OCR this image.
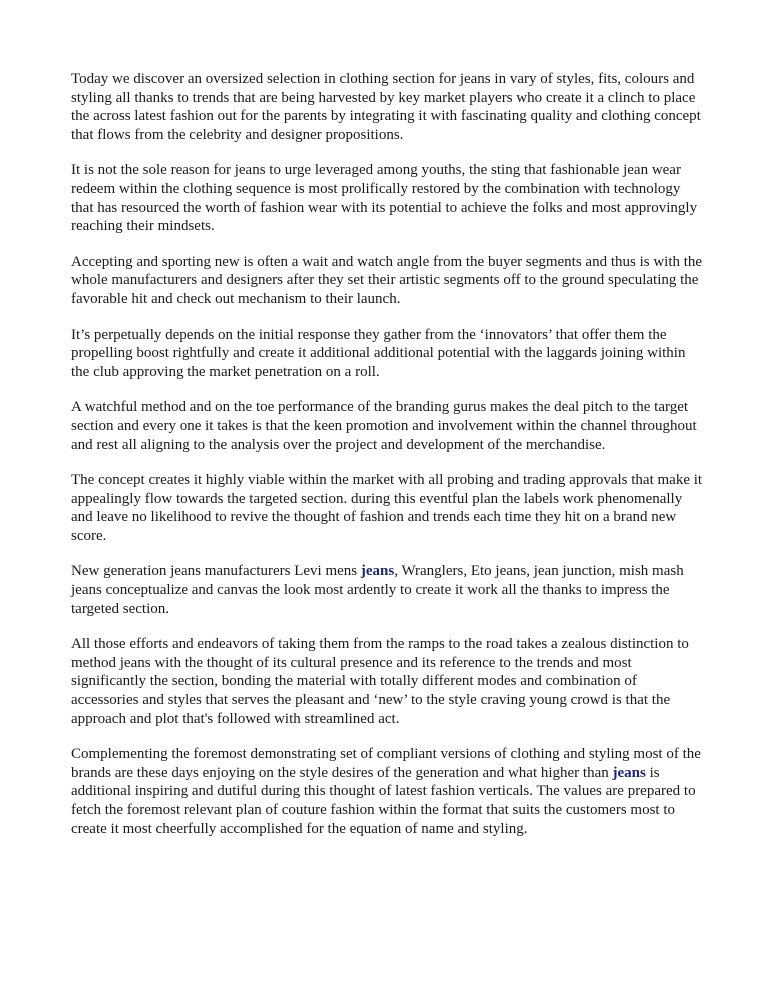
Today we discover an oversized selection in clothing section for jeans in vary of styles, fits, colours and styling all thanks to trends that are being harvested by key market players who create it a clinch to place the across latest fashion out for the parents by integrating it with fascinating quality and clothing concept that flows from the celebrity and designer propositions.

It is not the sole reason for jeans to urge leveraged among youths, the sting that fashionable jean wear redeem within the clothing sequence is most prolifically restored by the combination with technology that has resourced the worth of fashion wear with its potential to achieve the folks and most approvingly reaching their mindsets.

Accepting and sporting new is often a wait and watch angle from the buyer segments and thus is with the whole manufacturers and designers after they set their artistic segments off to the ground speculating the favorable hit and check out mechanism to their launch.

It’s perpetually depends on the initial response they gather from the ‘innovators’ that offer them the propelling boost rightfully and create it additional additional potential with the laggards joining within the club approving the market penetration on a roll.

A watchful method and on the toe performance of the branding gurus makes the deal pitch to the target section and every one it takes is that the keen promotion and involvement within the channel throughout and rest all aligning to the analysis over the project and development of the merchandise.

The concept creates it highly viable within the market with all probing and trading approvals that make it appealingly flow towards the targeted section. during this eventful plan the labels work phenomenally and leave no likelihood to revive the thought of fashion and trends each time they hit on a brand new score.

New generation jeans manufacturers Levi mens jeans, Wranglers, Eto jeans, jean junction, mish mash jeans conceptualize and canvas the look most ardently to create it work all the thanks to impress the targeted section.

All those efforts and endeavors of taking them from the ramps to the road takes a zealous distinction to method jeans with the thought of its cultural presence and its reference to the trends and most significantly the section, bonding the material with totally different modes and combination of accessories and styles that serves the pleasant and ‘new’ to the style craving young crowd is that the approach and plot that's followed with streamlined act.

Complementing the foremost demonstrating set of compliant versions of clothing and styling most of the brands are these days enjoying on the style desires of the generation and what higher than jeans is additional inspiring and dutiful during this thought of latest fashion verticals. The values are prepared to fetch the foremost relevant plan of couture fashion within the format that suits the customers most to create it most cheerfully accomplished for the equation of name and styling.
